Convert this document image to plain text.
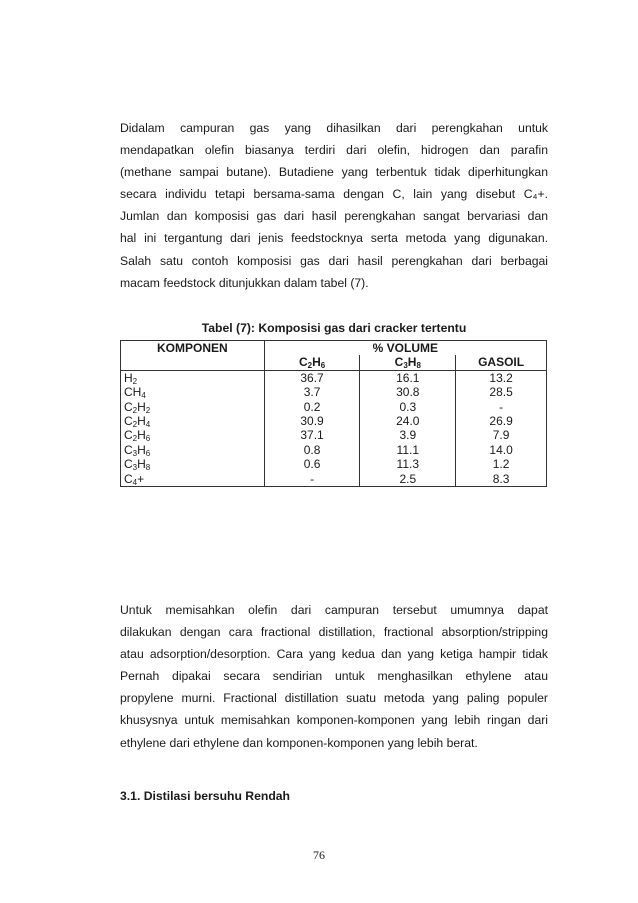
Didalam campuran gas yang dihasilkan dari perengkahan untuk
mendapatkan olefin biasanya terdiri dari olefin, hidrogen dan parafin
(methane sampai butane). Butadiene yang terbentuk tidak diperhitungkan
secara individu tetapi bersama-sama dengan C, lain yang disebut C₄+.
Jumlan dan komposisi gas dari hasil perengkahan sangat bervariasi dan
hal ini tergantung dari jenis feedstocknya serta metoda yang digunakan.
Salah satu contoh komposisi gas dari hasil perengkahan dari berbagai
macam feedstock ditunjukkan dalam tabel (7).
Tabel (7): Komposisi gas dari cracker tertentu
KOMPONEN	% VOLUME		
	$C_2H_6$	$C_3H_8$	GASOIL
$H_2$	36.7	16.1	13.2
$CH_4$	3.7	30.8	28.5
$C_2H_2$	0.2	0.3	-
$C_2H_4$	30.9	24.0	26.9
$C_2H_6$	37.1	3.9	7.9
$C_3H_6$	0.8	11.1	14.0
$C_3H_8$	0.6	11.3	1.2
$C_4+$	-	2.5	8.3
Untuk memisahkan olefin dari campuran tersebut umumnya dapat
dilakukan dengan cara fractional distillation, fractional absorption/stripping
atau adsorption/desorption. Cara yang kedua dan yang ketiga hampir tidak
Pernah dipakai secara sendirian untuk menghasilkan ethylene atau
propylene murni. Fractional distillation suatu metoda yang paling populer
khusysnya untuk memisahkan komponen-komponen yang lebih ringan dari
ethylene dari ethylene dan komponen-komponen yang lebih berat.
3.1. Distilasi bersuhu Rendah
76
